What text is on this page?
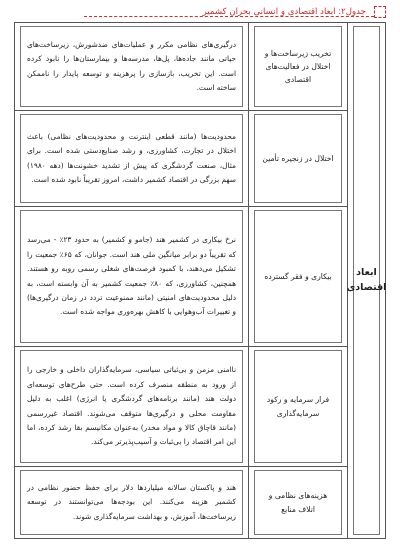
جدول۲: ابعاد اقتصادی و انسانی بحران کشمیر
ابعاد اقتصادی	تخریب زیرساخت‌ها و اختلال در فعالیت‌های اقتصادی	درگیری‌های نظامی مکرر و عملیات‌های ضدشورش، زیرساخت‌های حیاتی مانند جاده‌ها، پل‌ها، مدرسه‌ها و بیمارستان‌ها را نابود کرده است. این تخریب، بازسازی را پرهزینه و توسعه پایدار را ناممکن ساخته است.

	اختلال در زنجیره تأمین	محدودیت‌ها (مانند قطعی اینترنت و محدودیت‌های نظامی) باعث اختلال در تجارت، کشاورزی، و رشد صنایع‌دستی شده است. برای مثال، صنعت گردشگری که پیش از تشدید خشونت‌ها (دهه ۱۹۸۰) سهم بزرگی در اقتصاد کشمیر داشت، امروز تقریباً نابود شده است.

	بیکاری و فقر گسترده	نرخ بیکاری در کشمیر هند (جامو و کشمیر) به حدود ۲۳٪ - می‌رسد که تقریباً دو برابر میانگین ملی هند است. جوانان، که ۶۵٪ جمعیت را تشکیل می‌دهند، با کمبود فرصت‌های شغلی رسمی روبه رو هستند. همچنین، کشاورزی، که ۸۰٪ جمعیت کشمیر به آن وابسته است، به دلیل محدودیت‌های امنیتی (مانند ممنوعیت تردد در زمان درگیری‌ها) و تغییرات آب‌وهوایی با کاهش بهره‌وری مواجه شده است.

	فرار سرمایه و رکود سرمایه‌گذاری	ناامنی مزمن و بی‌ثباتی سیاسی، سرمایه‌گذاران داخلی و خارجی را از ورود به منطقه منصرف کرده است. حتی طرح‌های توسعه‌ای دولت هند (مانند برنامه‌های گردشگری یا انرژی) اغلب به دلیل مقاومت محلی و درگیری‌ها متوقف می‌شوند. اقتصاد غیررسمی (مانند قاچاق کالا و مواد مخدر) به‌عنوان مکانیسم بقا رشد کرده، اما این امر اقتصاد را بی‌ثبات و آسیب‌پذیرتر می‌کند.

	هزینه‌های نظامی و اتلاف منابع	هند و پاکستان سالانه میلیاردها دلار برای حفظ حضور نظامی در کشمیر هزینه می‌کنند. این بودجه‌ها می‌توانستند در توسعه زیرساخت‌ها، آموزش، و بهداشت سرمایه‌گذاری شوند.
